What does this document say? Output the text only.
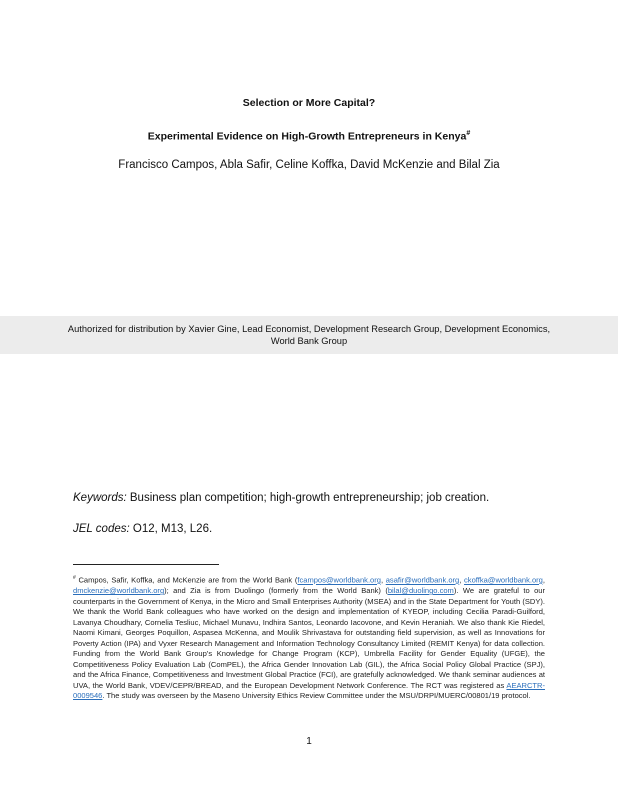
Selection or More Capital?
Experimental Evidence on High-Growth Entrepreneurs in Kenya#
Francisco Campos, Abla Safir, Celine Koffka, David McKenzie and Bilal Zia
Authorized for distribution by Xavier Gine, Lead Economist, Development Research Group, Development Economics,
World Bank Group
Keywords: Business plan competition; high-growth entrepreneurship; job creation.
JEL codes: O12, M13, L26.
# Campos, Safir, Koffka, and McKenzie are from the World Bank (fcampos@worldbank.org, asafir@worldbank.org, ckoffka@worldbank.org, dmckenzie@worldbank.org); and Zia is from Duolingo (formerly from the World Bank) (bilal@duolingo.com). We are grateful to our counterparts in the Government of Kenya, in the Micro and Small Enterprises Authority (MSEA) and in the State Department for Youth (SDY). We thank the World Bank colleagues who have worked on the design and implementation of KYEOP, including Cecilia Paradi-Guilford, Lavanya Choudhary, Cornelia Tesliuc, Michael Munavu, Indhira Santos, Leonardo Iacovone, and Kevin Heraniah. We also thank Kie Riedel, Naomi Kimani, Georges Poquillon, Aspasea McKenna, and Moulik Shrivastava for outstanding field supervision, as well as Innovations for Poverty Action (IPA) and Vyxer Research Management and Information Technology Consultancy Limited (REMIT Kenya) for data collection. Funding from the World Bank Group’s Knowledge for Change Program (KCP), Umbrella Facility for Gender Equality (UFGE), the Competitiveness Policy Evaluation Lab (ComPEL), the Africa Gender Innovation Lab (GIL), the Africa Social Policy Global Practice (SPJ), and the Africa Finance, Competitiveness and Investment Global Practice (FCI), are gratefully acknowledged. We thank seminar audiences at UVA, the World Bank, VDEV/CEPR/BREAD, and the European Development Network Conference. The RCT was registered as AEARCTR-0009546. The study was overseen by the Maseno University Ethics Review Committee under the MSU/DRPI/MUERC/00801/19 protocol.
1
